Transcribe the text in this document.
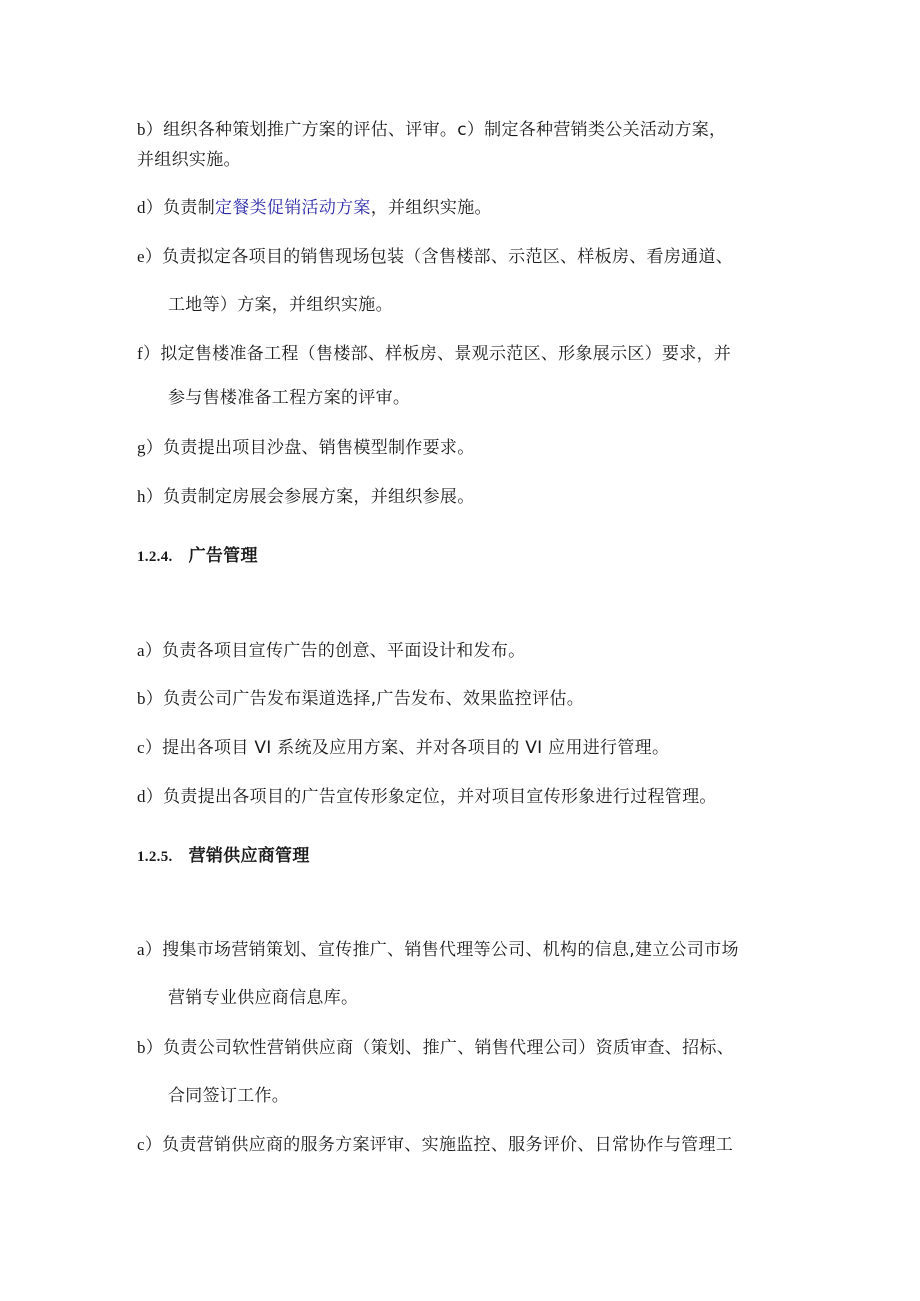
b）组织各种策划推广方案的评估、评审。c）制定各种营销类公关活动方案，
并组织实施。
d）负责制定餐类促销活动方案，并组织实施。
e）负责拟定各项目的销售现场包装（含售楼部、示范区、样板房、看房通道、
工地等）方案，并组织实施。
f）拟定售楼准备工程（售楼部、样板房、景观示范区、形象展示区）要求，并
参与售楼准备工程方案的评审。
g）负责提出项目沙盘、销售模型制作要求。
h）负责制定房展会参展方案，并组织参展。
1.2.4. 广告管理
a）负责各项目宣传广告的创意、平面设计和发布。
b）负责公司广告发布渠道选择,广告发布、效果监控评估。
c）提出各项目 VI 系统及应用方案、并对各项目的 VI 应用进行管理。
d）负责提出各项目的广告宣传形象定位，并对项目宣传形象进行过程管理。
1.2.5. 营销供应商管理
a）搜集市场营销策划、宣传推广、销售代理等公司、机构的信息,建立公司市场
营销专业供应商信息库。
b）负责公司软性营销供应商（策划、推广、销售代理公司）资质审查、招标、
合同签订工作。
c）负责营销供应商的服务方案评审、实施监控、服务评价、日常协作与管理工
